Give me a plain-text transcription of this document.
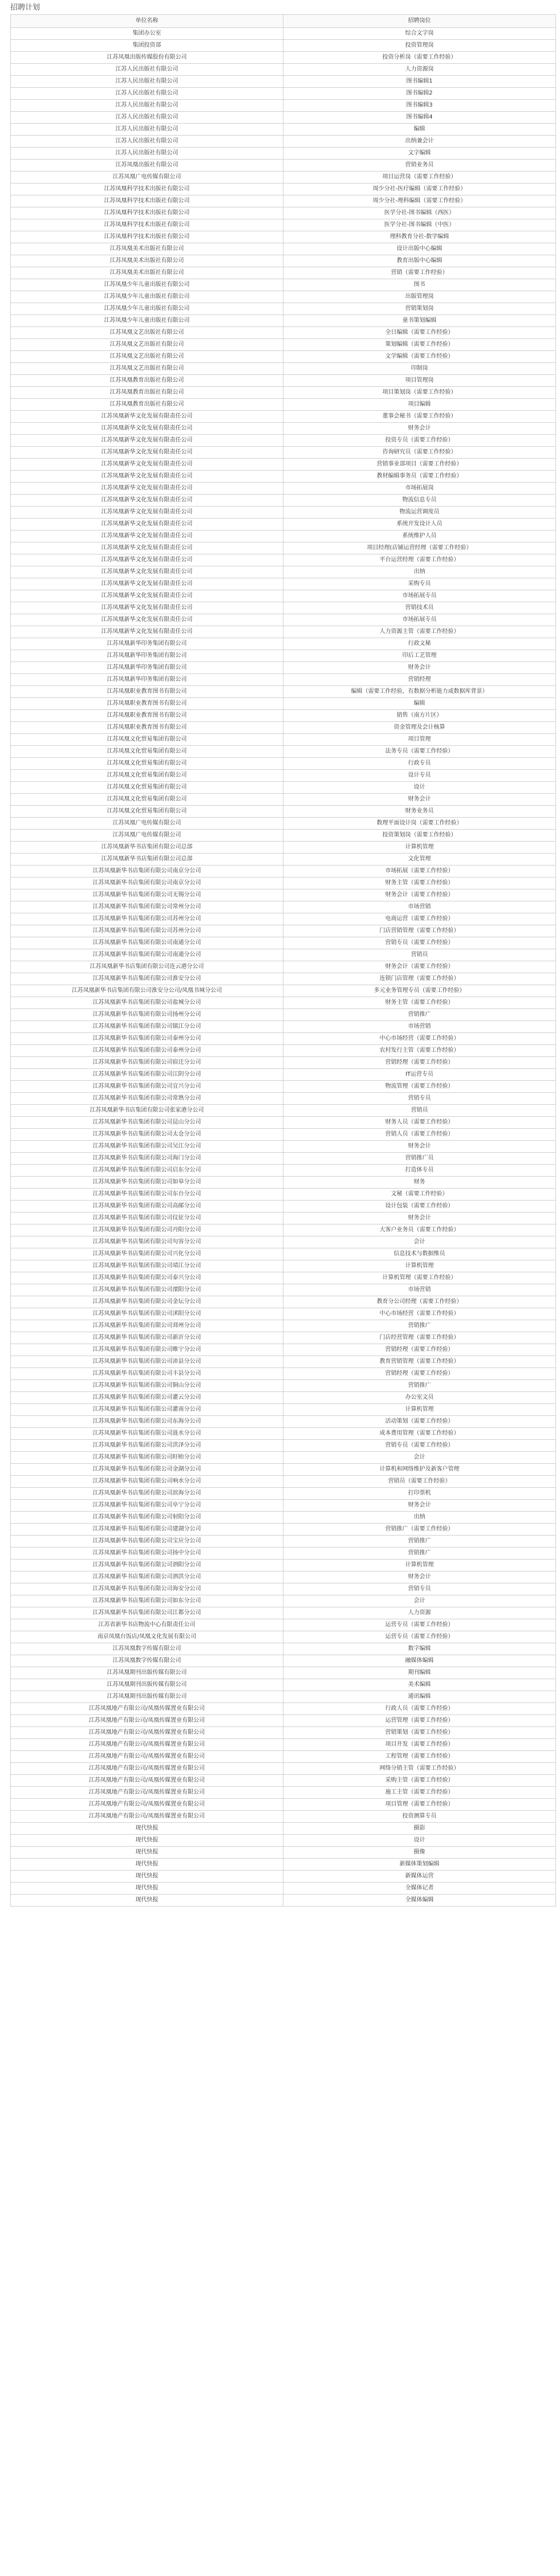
招聘计划
单位名称	招聘岗位
集团办公室	综合文字岗
集团投资部	投资管理岗
江苏凤凰出版传媒股份有限公司	投资分析岗（需要工作经验）
江苏人民出版社有限公司	人力资源岗
江苏人民出版社有限公司	图书编辑1
江苏人民出版社有限公司	图书编辑2
江苏人民出版社有限公司	图书编辑3
江苏人民出版社有限公司	图书编辑4
江苏人民出版社有限公司	编辑
江苏人民出版社有限公司	出纳兼会计
江苏人民出版社有限公司	文字编辑
江苏凤凰出版社有限公司	营销业务员
江苏凤凰广电传媒有限公司	项目运营岗（需要工作经验）
江苏凤凰科学技术出版社有限公司	周少分社-医疗编辑（需要工作经验）
江苏凤凰科学技术出版社有限公司	周少分社-理科编辑（需要工作经验）
江苏凤凰科学技术出版社有限公司	医学分社-图书编辑（西医）
江苏凤凰科学技术出版社有限公司	医学分社-图书编辑（中医）
江苏凤凰科学技术出版社有限公司	理科教育分社-数学编辑
江苏凤凰美术出版社有限公司	设计出版中心编辑
江苏凤凰美术出版社有限公司	教育出版中心编辑
江苏凤凰美术出版社有限公司	营销（需要工作经验）
江苏凤凰少年儿童出版社有限公司	图书
江苏凤凰少年儿童出版社有限公司	出版管理岗
江苏凤凰少年儿童出版社有限公司	营销策划岗
江苏凤凰少年儿童出版社有限公司	童书策划编辑
江苏凤凰文艺出版社有限公司	全日编辑（需要工作经验）
江苏凤凰文艺出版社有限公司	策划编辑（需要工作经验）
江苏凤凰文艺出版社有限公司	文学编辑（需要工作经验）
江苏凤凰文艺出版社有限公司	印制岗
江苏凤凰教育出版社有限公司	项目管理岗
江苏凤凰教育出版社有限公司	项目策划岗（需要工作经验）
江苏凤凰教育出版社有限公司	项目编辑
江苏凤凰新华文化发展有限责任公司	董事会秘书（需要工作经验）
江苏凤凰新华文化发展有限责任公司	财务会计
江苏凤凰新华文化发展有限责任公司	投资专员（需要工作经验）
江苏凤凰新华文化发展有限责任公司	咨询研究员（需要工作经验）
江苏凤凰新华文化发展有限责任公司	营销事业部项目（需要工作经验）
江苏凤凰新华文化发展有限责任公司	教材编辑事务员（需要工作经验）
江苏凤凰新华文化发展有限责任公司	市场拓展岗
江苏凤凰新华文化发展有限责任公司	物流信息专员
江苏凤凰新华文化发展有限责任公司	物流运营调度员
江苏凤凰新华文化发展有限责任公司	系统开发设计人员
江苏凤凰新华文化发展有限责任公司	系统维护人员
江苏凤凰新华文化发展有限责任公司	项目经理(店铺运营经理（需要工作经验）
江苏凤凰新华文化发展有限责任公司	平台运营经理（需要工作经验）
江苏凤凰新华文化发展有限责任公司	出纳
江苏凤凰新华文化发展有限责任公司	采购专员
江苏凤凰新华文化发展有限责任公司	市场拓展专员
江苏凤凰新华文化发展有限责任公司	营销技术员
江苏凤凰新华文化发展有限责任公司	市场拓展专员
江苏凤凰新华文化发展有限责任公司	人力资源主管（需要工作经验）
江苏凤凰新华印务集团有限公司	行政文秘
江苏凤凰新华印务集团有限公司	印后工艺管理
江苏凤凰新华印务集团有限公司	财务会计
江苏凤凰新华印务集团有限公司	营销经理
江苏凤凰职业教育图书有限公司	编辑（需要工作经验，有数据分析能力或数据库背景）
江苏凤凰职业教育图书有限公司	编辑
江苏凤凰职业教育图书有限公司	销售（南方片区）
江苏凤凰职业教育图书有限公司	资金管理及会计核算
江苏凤凰文化贸易集团有限公司	项目管理
江苏凤凰文化贸易集团有限公司	法务专员（需要工作经验）
江苏凤凰文化贸易集团有限公司	行政专员
江苏凤凰文化贸易集团有限公司	设计专员
江苏凤凰文化贸易集团有限公司	设计
江苏凤凰文化贸易集团有限公司	财务会计
江苏凤凰文化贸易集团有限公司	财务业务员
江苏凤凰广电传媒有限公司	数理平面设计岗（需要工作经验）
江苏凤凰广电传媒有限公司	投资策划岗（需要工作经验）
江苏凤凰新华书店集团有限公司总部	计算机管理
江苏凤凰新华书店集团有限公司总部	文化管理
江苏凤凰新华书店集团有限公司南京分公司	市场拓展（需要工作经验）
江苏凤凰新华书店集团有限公司南京分公司	财务主管（需要工作经验）
江苏凤凰新华书店集团有限公司无锡分公司	财务会计（需要工作经验）
江苏凤凰新华书店集团有限公司常州分公司	市场营销
江苏凤凰新华书店集团有限公司苏州分公司	电商运营（需要工作经验）
江苏凤凰新华书店集团有限公司苏州分公司	门店营销管理（需要工作经验）
江苏凤凰新华书店集团有限公司南通分公司	营销专员（需要工作经验）
江苏凤凰新华书店集团有限公司南通分公司	营销员
江苏凤凰新华书店集团有限公司连云港分公司	财务会计（需要工作经验）
江苏凤凰新华书店集团有限公司淮安分公司	连锁门店管理（需要工作经验）
江苏凤凰新华书店集团有限公司淮安分公司/凤凰书城分公司	多元业务管理专员（需要工作经验）
江苏凤凰新华书店集团有限公司盐城分公司	财务主管（需要工作经验）
江苏凤凰新华书店集团有限公司扬州分公司	营销推广
江苏凤凰新华书店集团有限公司镇江分公司	市场营销
江苏凤凰新华书店集团有限公司泰州分公司	中心市场经营（需要工作经验）
江苏凤凰新华书店集团有限公司泰州分公司	农村发行主管（需要工作经验）
江苏凤凰新华书店集团有限公司宿迁分公司	营销经理（需要工作经验）
江苏凤凰新华书店集团有限公司江阴分公司	IT运营专员
江苏凤凰新华书店集团有限公司宜兴分公司	物流管理（需要工作经验）
江苏凤凰新华书店集团有限公司常熟分公司	营销专员
江苏凤凰新华书店集团有限公司张家港分公司	营销员
江苏凤凰新华书店集团有限公司昆山分公司	财务人员（需要工作经验）
江苏凤凰新华书店集团有限公司太仓分公司	营销人员（需要工作经验）
江苏凤凰新华书店集团有限公司吴江分公司	财务会计
江苏凤凰新华书店集团有限公司海门分公司	营销推广员
江苏凤凰新华书店集团有限公司启东分公司	打造体专员
江苏凤凰新华书店集团有限公司如皋分公司	财务
江苏凤凰新华书店集团有限公司东台分公司	文秘（需要工作经验）
江苏凤凰新华书店集团有限公司高邮分公司	设计包装（需要工作经验）
江苏凤凰新华书店集团有限公司仪征分公司	财务会计
江苏凤凰新华书店集团有限公司丹阳分公司	大客户业务员（需要工作经验）
江苏凤凰新华书店集团有限公司句容分公司	会计
江苏凤凰新华书店集团有限公司兴化分公司	信息技术与数据维员
江苏凤凰新华书店集团有限公司靖江分公司	计算机管理
江苏凤凰新华书店集团有限公司泰兴分公司	计算机管理（需要工作经验）
江苏凤凰新华书店集团有限公司溧阳分公司	市场营销
江苏凤凰新华书店集团有限公司金坛分公司	教育分公司经理（需要工作经验）
江苏凤凰新华书店集团有限公司沭阳分公司	中心市场经营（需要工作经验）
江苏凤凰新华书店集团有限公司邳州分公司	营销推广
江苏凤凰新华书店集团有限公司新沂分公司	门店经营管理（需要工作经验）
江苏凤凰新华书店集团有限公司睢宁分公司	营销经理（需要工作经验）
江苏凤凰新华书店集团有限公司沛县分公司	教育营销管理（需要工作经验）
江苏凤凰新华书店集团有限公司丰县分公司	营销经理（需要工作经验）
江苏凤凰新华书店集团有限公司铜山分公司	营销推广
江苏凤凰新华书店集团有限公司灌云分公司	办公室文员
江苏凤凰新华书店集团有限公司灌南分公司	计算机管理
江苏凤凰新华书店集团有限公司东海分公司	活动策划（需要工作经验）
江苏凤凰新华书店集团有限公司涟水分公司	成本费用管理（需要工作经验）
江苏凤凰新华书店集团有限公司洪泽分公司	营销专员（需要工作经验）
江苏凤凰新华书店集团有限公司盱眙分公司	会计
江苏凤凰新华书店集团有限公司金湖分公司	计算机和网络维护及新客户管理
江苏凤凰新华书店集团有限公司响水分公司	营销员（需要工作经验）
江苏凤凰新华书店集团有限公司滨海分公司	打印票机
江苏凤凰新华书店集团有限公司阜宁分公司	财务会计
江苏凤凰新华书店集团有限公司射阳分公司	出纳
江苏凤凰新华书店集团有限公司建湖分公司	营销推广（需要工作经验）
江苏凤凰新华书店集团有限公司宝应分公司	营销推广
江苏凤凰新华书店集团有限公司扬中分公司	营销推广
江苏凤凰新华书店集团有限公司泗阳分公司	计算机管理
江苏凤凰新华书店集团有限公司泗洪分公司	财务会计
江苏凤凰新华书店集团有限公司海安分公司	营销专员
江苏凤凰新华书店集团有限公司如东分公司	会计
江苏凤凰新华书店集团有限公司江都分公司	人力资源
江苏省新华书店物流中心有限责任公司	运营专员（需要工作经验）
南京凤凰台饭店/凤凰文化发展有限公司	运营专员（需要工作经验）
江苏凤凰数字传媒有限公司	数字编辑
江苏凤凰数字传媒有限公司	融媒体编辑
江苏凤凰期刊出版传媒有限公司	期刊编辑
江苏凤凰期刊出版传媒有限公司	美术编辑
江苏凤凰期刊出版传媒有限公司	通讯编辑
江苏凤凰地产有限公司/凤凰传媒置业有限公司	行政人员（需要工作经验）
江苏凤凰地产有限公司/凤凰传媒置业有限公司	运营管理（需要工作经验）
江苏凤凰地产有限公司/凤凰传媒置业有限公司	营销策划（需要工作经验）
江苏凤凰地产有限公司/凤凰传媒置业有限公司	项目开发（需要工作经验）
江苏凤凰地产有限公司/凤凰传媒置业有限公司	工程管理（需要工作经验）
江苏凤凰地产有限公司/凤凰传媒置业有限公司	网络分销主管（需要工作经验）
江苏凤凰地产有限公司/凤凰传媒置业有限公司	采购主管（需要工作经验）
江苏凤凰地产有限公司/凤凰传媒置业有限公司	施工主管（需要工作经验）
江苏凤凰地产有限公司/凤凰传媒置业有限公司	项目管理（需要工作经验）
江苏凤凰地产有限公司/凤凰传媒置业有限公司	投资测算专员
现代快报	摄影
现代快报	设计
现代快报	摄像
现代快报	新媒体策划编辑
现代快报	新媒体运营
现代快报	全媒体记者
现代快报	全媒体编辑
